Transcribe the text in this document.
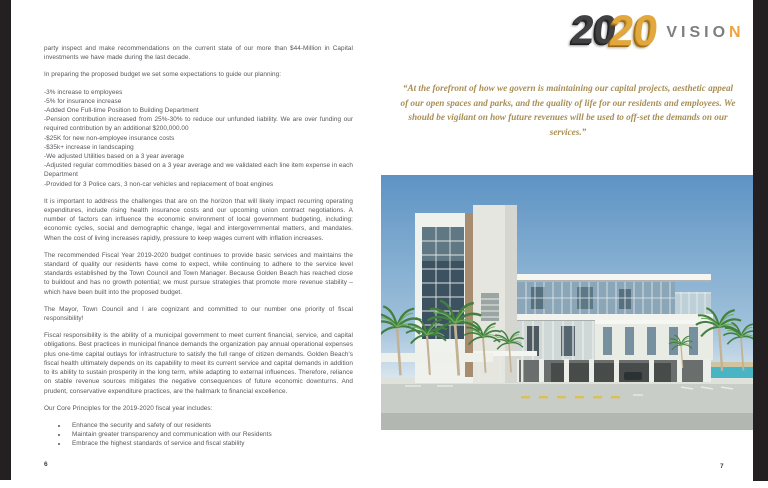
party inspect and make recommendations on the current state of our more than $44-Million in Capital investments we have made during the last decade.

In preparing the proposed budget we set some expectations to guide our planning:

-3% increase to employees

-5% for insurance increase

-Added One Full-time Position to Building Department

-Pension contribution increased from 25%-30% to reduce our unfunded liability. We are over funding our required contribution by an additional $200,000.00

-$25K for new non-employee insurance costs

-$35k+ increase in landscaping

-We adjusted Utilities based on a 3 year average

-Adjusted regular commodities based on a 3 year average and we validated each line item expense in each Department

-Provided for 3 Police cars, 3 non-car vehicles and replacement of boat engines

It is important to address the challenges that are on the horizon that will likely impact recurring operating expenditures, include rising health insurance costs and our upcoming union contract negotiations. A number of factors can influence the economic environment of local government budgeting, including: economic cycles, social and demographic change, legal and intergovernmental matters, and mandates. When the cost of living increases rapidly, pressure to keep wages current with inflation increases.

The recommended Fiscal Year 2019-2020 budget continues to provide basic services and maintains the standard of quality our residents have come to expect, while continuing to adhere to the service level standards established by the Town Council and Town Manager. Because Golden Beach has reached close to buildout and has no growth potential; we must pursue strategies that promote more revenue stability – which have been built into the proposed budget.

The Mayor, Town Council and I are cognizant and committed to our number one priority of fiscal responsibility!

Fiscal responsibility is the ability of a municipal government to meet current financial, service, and capital obligations. Best practices in municipal finance demands the organization pay annual operational expenses plus one-time capital outlays for infrastructure to satisfy the full range of citizen demands. Golden Beach's fiscal health ultimately depends on its capability to meet its current service and capital demands in addition to its ability to sustain prosperity in the long term, while adapting to external influences. Therefore, reliance on stable revenue sources mitigates the negative consequences of future economic downturns. And prudent, conservative expenditure practices, are the hallmark to financial excellence.

Our Core Principles for the 2019-2020 fiscal year includes:

• Enhance the security and safety of our residents
• Maintain greater transparency and communication with our Residents
• Embrace the highest standards of service and fiscal stability
6
20
20 VISION
“At the forefront of how we govern is maintaining our capital projects, aesthetic appeal of our open spaces and parks, and the quality of life for our residents and employees. We should be vigilant on how future revenues will be used to off-set the demands on our services.”
7
